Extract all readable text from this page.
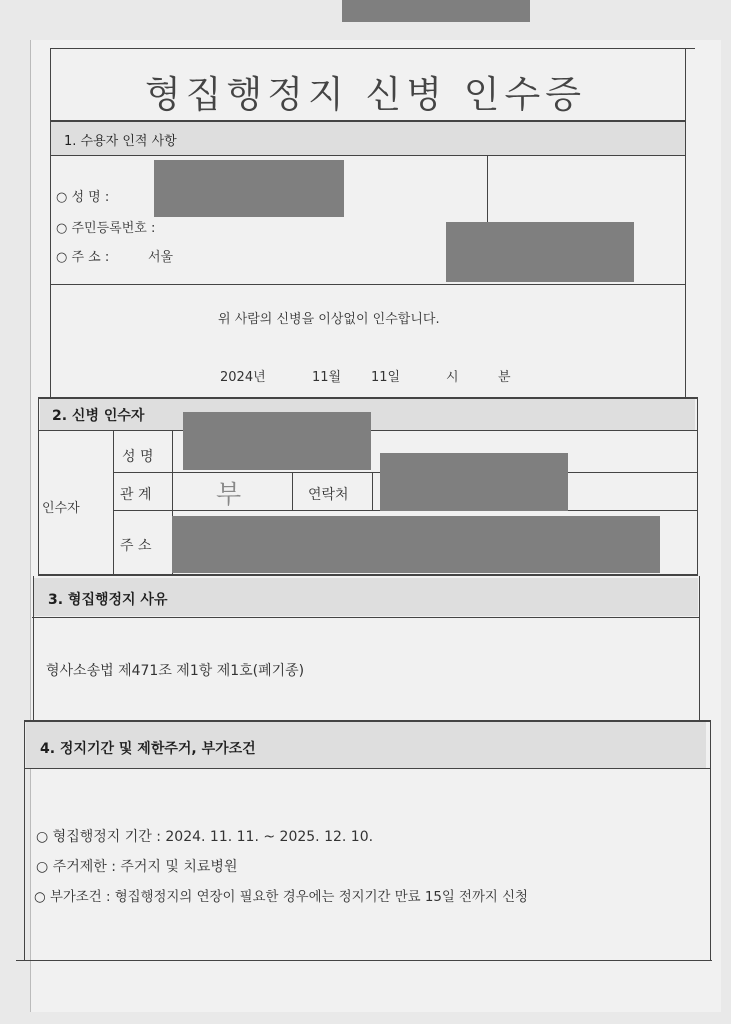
형집행정지 신병 인수증
1. 수용자 인적 사항
○ 성 명 :
○ 주민등록번호 :
○ 주 소 :	서울
위 사람의 신병을 이상없이 인수합니다.
2024년	11월 11일	시	분
2. 신병 인수자
인수자
성 명
관 계 부	연락처
주 소
3. 형집행정지 사유
형사소송법 제471조 제1항 제1호(폐기종)
4. 정지기간 및 제한주거, 부가조건
○ 형집행정지 기간 : 2024. 11. 11. ~ 2025. 12. 10.
○ 주거제한 : 주거지 및 치료병원
○ 부가조건 : 형집행정지의 연장이 필요한 경우에는 정지기간 만료 15일 전까지 신청
